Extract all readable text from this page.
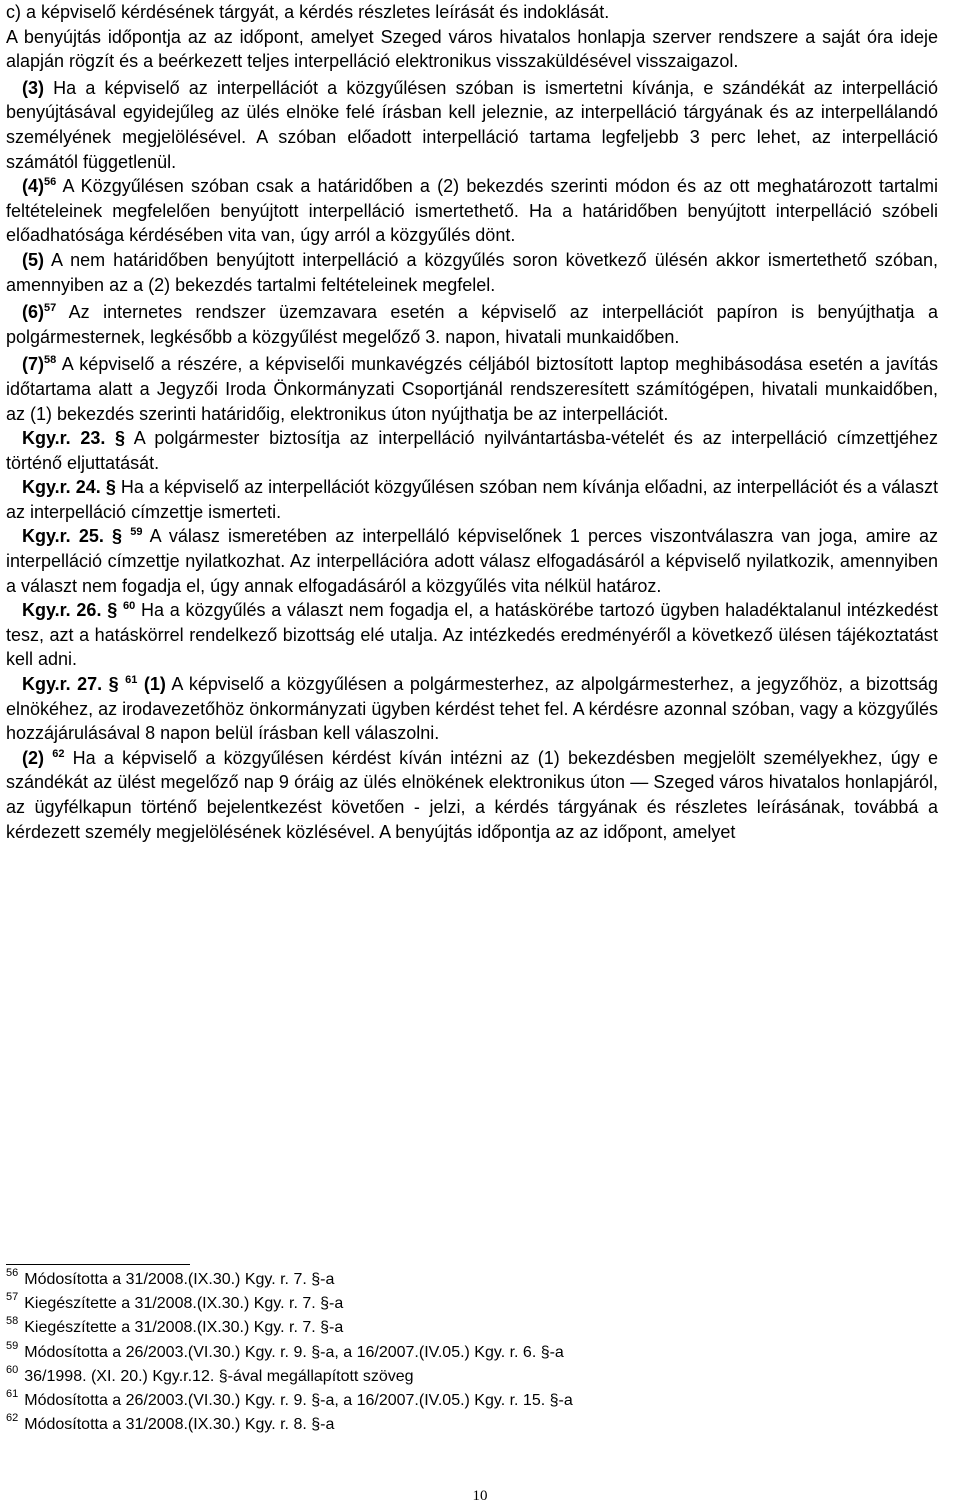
c) a képviselő kérdésének tárgyát, a kérdés részletes leírását és indoklását.

A benyújtás időpontja az az időpont, amelyet Szeged város hivatalos honlapja szerver rendszere a saját óra ideje alapján rögzít és a beérkezett teljes interpelláció elektronikus visszaküldésével visszaigazol.

(3) Ha a képviselő az interpellációt a közgyűlésen szóban is ismertetni kívánja, e szándékát az interpelláció benyújtásával egyidejűleg az ülés elnöke felé írásban kell jeleznie, az interpelláció tárgyának és az interpellálandó személyének megjelölésével. A szóban előadott interpelláció tartama legfeljebb 3 perc lehet, az interpelláció számától függetlenül.

$(4)^{56}$ A Közgyűlésen szóban csak a határidőben a (2) bekezdés szerinti módon és az ott meghatározott tartalmi feltételeinek megfelelően benyújtott interpelláció ismertethető. Ha a határidőben benyújtott interpelláció szóbeli előadhatósága kérdésében vita van, úgy arról a közgyűlés dönt.

(5) A nem határidőben benyújtott interpelláció a közgyűlés soron következő ülésén akkor ismertethető szóban, amennyiben az a (2) bekezdés tartalmi feltételeinek megfelel.

$(6)^{57}$ Az internetes rendszer üzemzavara esetén a képviselő az interpellációt papíron is benyújthatja a polgármesternek, legkésőbb a közgyűlést megelőző 3. napon, hivatali munkaidőben.

$(7)^{58}$ A képviselő a részére, a képviselői munkavégzés céljából biztosított laptop meghibásodása esetén a javítás időtartama alatt a Jegyzői Iroda Önkormányzati Csoportjánál rendszeresített számítógépen, hivatali munkaidőben, az (1) bekezdés szerinti határidőig, elektronikus úton nyújthatja be az interpellációt.

Kgy.r. 23. § A polgármester biztosítja az interpelláció nyilvántartásba-vételét és az interpelláció címzettjéhez történő eljuttatását.

Kgy.r. 24. § Ha a képviselő az interpellációt közgyűlésen szóban nem kívánja előadni, az interpellációt és a választ az interpelláció címzettje ismerteti.

Kgy.r. 25. § $^{59}$ A válasz ismeretében az interpelláló képviselőnek 1 perces viszontválaszra van joga, amire az interpelláció címzettje nyilatkozhat. Az interpellációra adott válasz elfogadásáról a képviselő nyilatkozik, amennyiben a választ nem fogadja el, úgy annak elfogadásáról a közgyűlés vita nélkül határoz.

Kgy.r. 26. § $^{60}$ Ha a közgyűlés a választ nem fogadja el, a hatáskörébe tartozó ügyben haladéktalanul intézkedést tesz, azt a hatáskörrel rendelkező bizottság elé utalja. Az intézkedés eredményéről a következő ülésen tájékoztatást kell adni.

Kgy.r. 27. § $^{61}$ (1) A képviselő a közgyűlésen a polgármesterhez, az alpolgármesterhez, a jegyzőhöz, a bizottság elnökéhez, az irodavezetőhöz önkormányzati ügyben kérdést tehet fel. A kérdésre azonnal szóban, vagy a közgyűlés hozzájárulásával 8 napon belül írásban kell válaszolni.

(2) $^{62}$ Ha a képviselő a közgyűlésen kérdést kíván intézni az (1) bekezdésben megjelölt személyekhez, úgy e szándékát az ülést megelőző nap 9 óráig az ülés elnökének elektronikus úton — Szeged város hivatalos honlapjáról, az ügyfélkapun történő bejelentkezést követően - jelzi, a kérdés tárgyának és részletes leírásának, továbbá a kérdezett személy megjelölésének közlésével. A benyújtás időpontja az az időpont, amelyet

$^{56}$ Módosította a 31/2008.(IX.30.) Kgy. r. 7. §-a

$^{57}$ Kiegészítette a 31/2008.(IX.30.) Kgy. r. 7. §-a

$^{58}$ Kiegészítette a 31/2008.(IX.30.) Kgy. r. 7. §-a

$^{59}$ Módosította a 26/2003.(VI.30.) Kgy. r. 9. §-a, a 16/2007.(IV.05.) Kgy. r. 6. §-a

$^{60}$ 36/1998. (XI. 20.) Kgy.r.12. §-ával megállapított szöveg

$^{61}$ Módosította a 26/2003.(VI.30.) Kgy. r. 9. §-a, a 16/2007.(IV.05.) Kgy. r. 15. §-a

$^{62}$ Módosította a 31/2008.(IX.30.) Kgy. r. 8. §-a

10
